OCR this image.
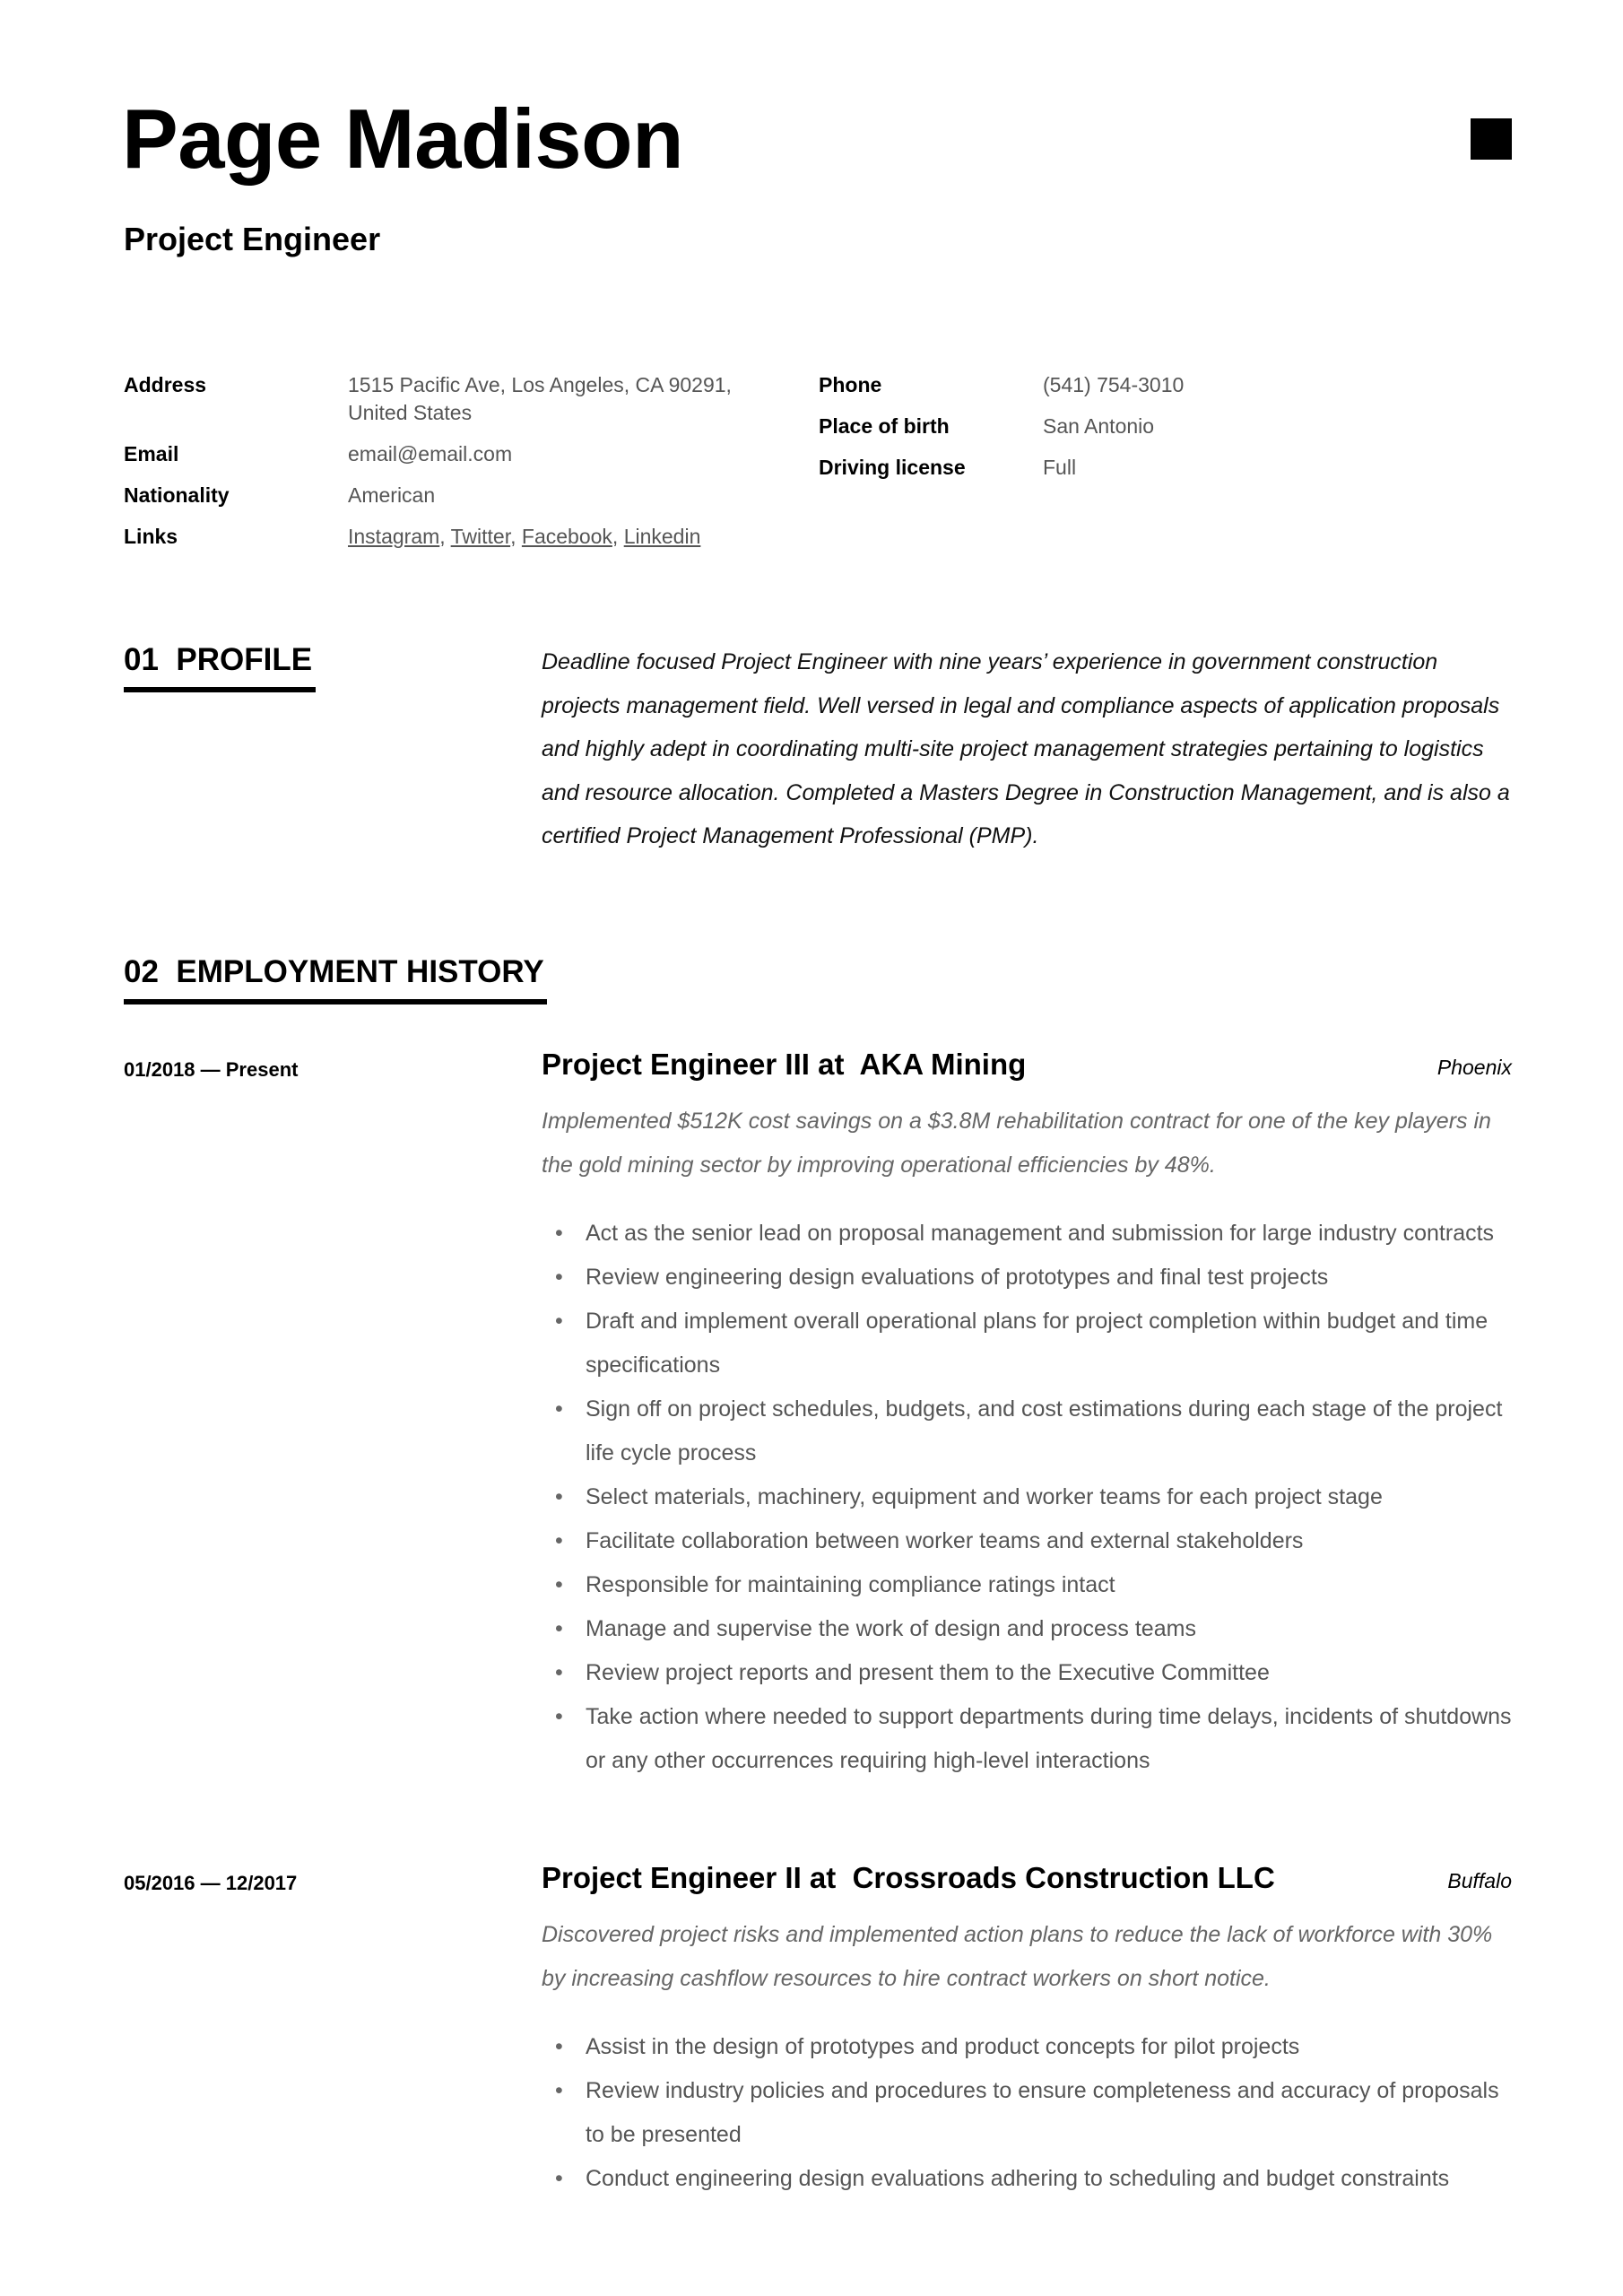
Page Madison
Project Engineer
Address	1515 Pacific Ave, Los Angeles, CA 90291, United States
Email	email@email.com
Nationality	American
Links	Instagram, Twitter, Facebook, Linkedin
Phone	(541) 754-3010
Place of birth	San Antonio
Driving license	Full
01  PROFILE	Deadline focused Project Engineer with nine years’ experience in government construction projects management field. Well versed in legal and compliance aspects of application proposals and highly adept in coordinating multi-site project management strategies pertaining to logistics and resource allocation. Completed a Masters Degree in Construction Management, and is also a certified Project Management Professional (PMP).
02  EMPLOYMENT HISTORY
01/2018 — Present	Project Engineer III at  AKA Mining	Phoenix
Implemented $512K cost savings on a $3.8M rehabilitation contract for one of the key players in the gold mining sector by improving operational efficiencies by 48%.
• Act as the senior lead on proposal management and submission for large industry contracts
• Review engineering design evaluations of prototypes and final test projects
• Draft and implement overall operational plans for project completion within budget and time specifications
• Sign off on project schedules, budgets, and cost estimations during each stage of the project life cycle process
• Select materials, machinery, equipment and worker teams for each project stage
• Facilitate collaboration between worker teams and external stakeholders
• Responsible for maintaining compliance ratings intact
• Manage and supervise the work of design and process teams
• Review project reports and present them to the Executive Committee
• Take action where needed to support departments during time delays, incidents of shutdowns or any other occurrences requiring high-level interactions
05/2016 — 12/2017	Project Engineer II at  Crossroads Construction LLC	Buffalo
Discovered project risks and implemented action plans to reduce the lack of workforce with 30% by increasing cashflow resources to hire contract workers on short notice.
• Assist in the design of prototypes and product concepts for pilot projects
• Review industry policies and procedures to ensure completeness and accuracy of proposals to be presented
• Conduct engineering design evaluations adhering to scheduling and budget constraints
